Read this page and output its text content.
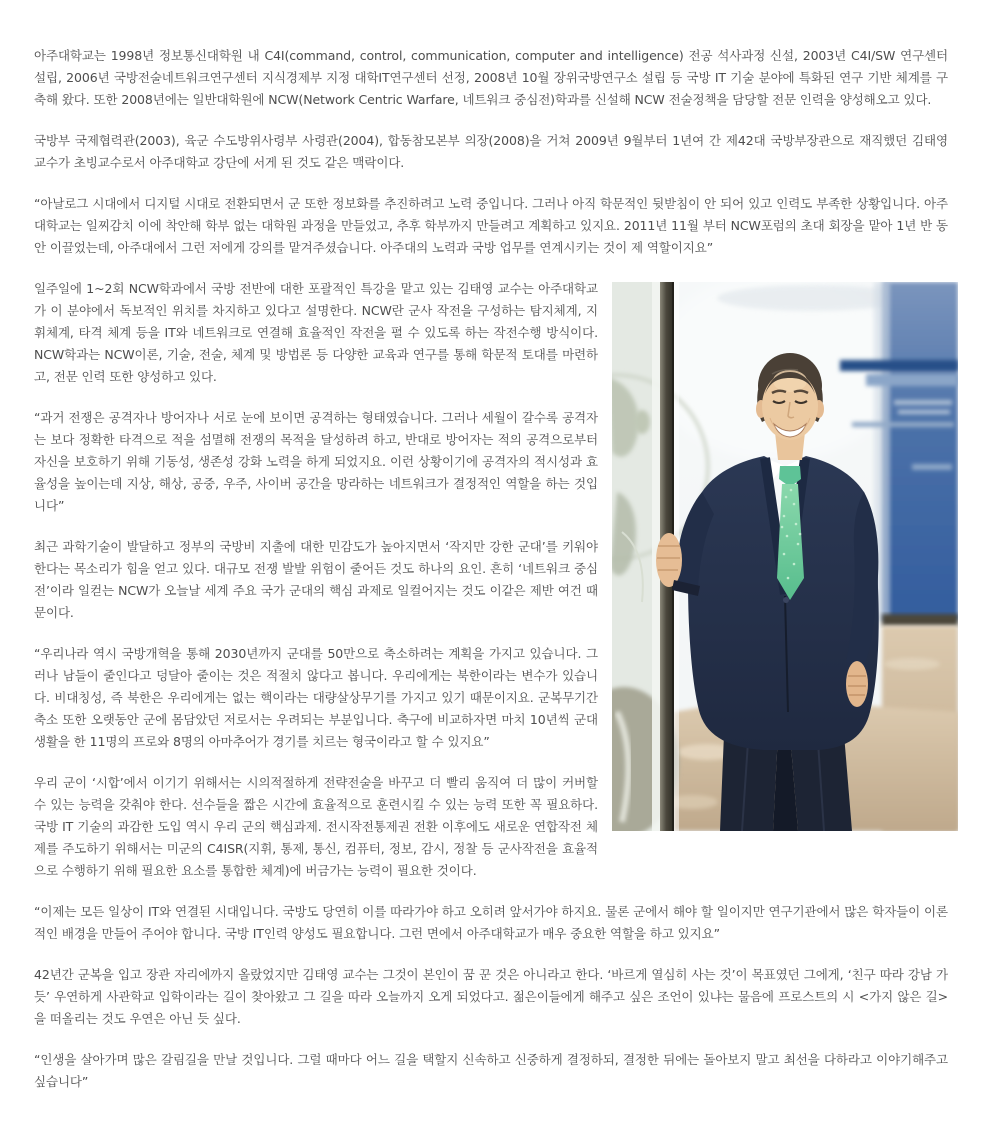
아주대학교는 1998년 정보통신대학원 내 C4I(command, control, communication, computer and intelligence) 전공 석사과정 신설, 2003년 C4I/SW 연구센터 설립, 2006년 국방전술네트워크연구센터 지식경제부 지정 대학IT연구센터 선정, 2008년 10월 장위국방연구소 설립 등 국방 IT 기술 분야에 특화된 연구 기반 체계를 구축해 왔다. 또한 2008년에는 일반대학원에 NCW(Network Centric Warfare, 네트워크 중심전)학과를 신설해 NCW 전술정책을 담당할 전문 인력을 양성해오고 있다.

국방부 국제협력관(2003), 육군 수도방위사령부 사령관(2004), 합동참모본부 의장(2008)을 거쳐 2009년 9월부터 1년여 간 제42대 국방부장관으로 재직했던 김태영 교수가 초빙교수로서 아주대학교 강단에 서게 된 것도 같은 맥락이다.

“아날로그 시대에서 디지털 시대로 전환되면서 군 또한 정보화를 추진하려고 노력 중입니다. 그러나 아직 학문적인 뒷받침이 안 되어 있고 인력도 부족한 상황입니다. 아주대학교는 일찌감치 이에 착안해 학부 없는 대학원 과정을 만들었고, 추후 학부까지 만들려고 계획하고 있지요. 2011년 11월 부터 NCW포럼의 초대 회장을 맡아 1년 반 동안 이끌었는데, 아주대에서 그런 저에게 강의를 맡겨주셨습니다. 아주대의 노력과 국방 업무를 연계시키는 것이 제 역할이지요”

일주일에 1~2회 NCW학과에서 국방 전반에 대한 포괄적인 특강을 맡고 있는 김태영 교수는 아주대학교가 이 분야에서 독보적인 위치를 차지하고 있다고 설명한다. NCW란 군사 작전을 구성하는 탐지체계, 지휘체계, 타격 체계 등을 IT와 네트워크로 연결해 효율적인 작전을 펼 수 있도록 하는 작전수행 방식이다. NCW학과는 NCW이론, 기술, 전술, 체계 및 방법론 등 다양한 교육과 연구를 통해 학문적 토대를 마련하고, 전문 인력 또한 양성하고 있다.

“과거 전쟁은 공격자나 방어자나 서로 눈에 보이면 공격하는 형태였습니다. 그러나 세월이 갈수록 공격자는 보다 정확한 타격으로 적을 섬멸해 전쟁의 목적을 달성하려 하고, 반대로 방어자는 적의 공격으로부터 자신을 보호하기 위해 기동성, 생존성 강화 노력을 하게 되었지요. 이런 상황이기에 공격자의 적시성과 효율성을 높이는데 지상, 해상, 공중, 우주, 사이버 공간을 망라하는 네트워크가 결정적인 역할을 하는 것입니다”

최근 과학기술이 발달하고 정부의 국방비 지출에 대한 민감도가 높아지면서 ‘작지만 강한 군대’를 키워야 한다는 목소리가 힘을 얻고 있다. 대규모 전쟁 발발 위험이 줄어든 것도 하나의 요인. 흔히 ‘네트워크 중심전’이라 일컫는 NCW가 오늘날 세계 주요 국가 군대의 핵심 과제로 일컬어지는 것도 이같은 제반 여건 때문이다.

“우리나라 역시 국방개혁을 통해 2030년까지 군대를 50만으로 축소하려는 계획을 가지고 있습니다. 그러나 남들이 줄인다고 덩달아 줄이는 것은 적절치 않다고 봅니다. 우리에게는 북한이라는 변수가 있습니다. 비대칭성, 즉 북한은 우리에게는 없는 핵이라는 대량살상무기를 가지고 있기 때문이지요. 군복무기간 축소 또한 오랫동안 군에 몸담았던 저로서는 우려되는 부분입니다. 축구에 비교하자면 마치 10년씩 군대생활을 한 11명의 프로와 8명의 아마추어가 경기를 치르는 형국이라고 할 수 있지요”

우리 군이 ‘시합’에서 이기기 위해서는 시의적절하게 전략전술을 바꾸고 더 빨리 움직여 더 많이 커버할 수 있는 능력을 갖춰야 한다. 선수들을 짧은 시간에 효율적으로 훈련시킬 수 있는 능력 또한 꼭 필요하다. 국방 IT 기술의 과감한 도입 역시 우리 군의 핵심과제. 전시작전통제권 전환 이후에도 새로운 연합작전 체제를 주도하기 위해서는 미군의 C4ISR(지휘, 통제, 통신, 컴퓨터, 정보, 감시, 정찰 등 군사작전을 효율적으로 수행하기 위해 필요한 요소를 통합한 체계)에 버금가는 능력이 필요한 것이다.

“이제는 모든 일상이 IT와 연결된 시대입니다. 국방도 당연히 이를 따라가야 하고 오히려 앞서가야 하지요. 물론 군에서 해야 할 일이지만 연구기관에서 많은 학자들이 이론적인 배경을 만들어 주어야 합니다. 국방 IT인력 양성도 필요합니다. 그런 면에서 아주대학교가 매우 중요한 역할을 하고 있지요”

42년간 군복을 입고 장관 자리에까지 올랐었지만 김태영 교수는 그것이 본인이 꿈 꾼 것은 아니라고 한다. ‘바르게 열심히 사는 것’이 목표였던 그에게, ‘친구 따라 강남 가듯’ 우연하게 사관학교 입학이라는 길이 찾아왔고 그 길을 따라 오늘까지 오게 되었다고. 젊은이들에게 해주고 싶은 조언이 있냐는 물음에 프로스트의 시 <가지 않은 길>을 떠올리는 것도 우연은 아닌 듯 싶다.

“인생을 살아가며 많은 갈림길을 만날 것입니다. 그럴 때마다 어느 길을 택할지 신속하고 신중하게 결정하되, 결정한 뒤에는 돌아보지 말고 최선을 다하라고 이야기해주고 싶습니다”
